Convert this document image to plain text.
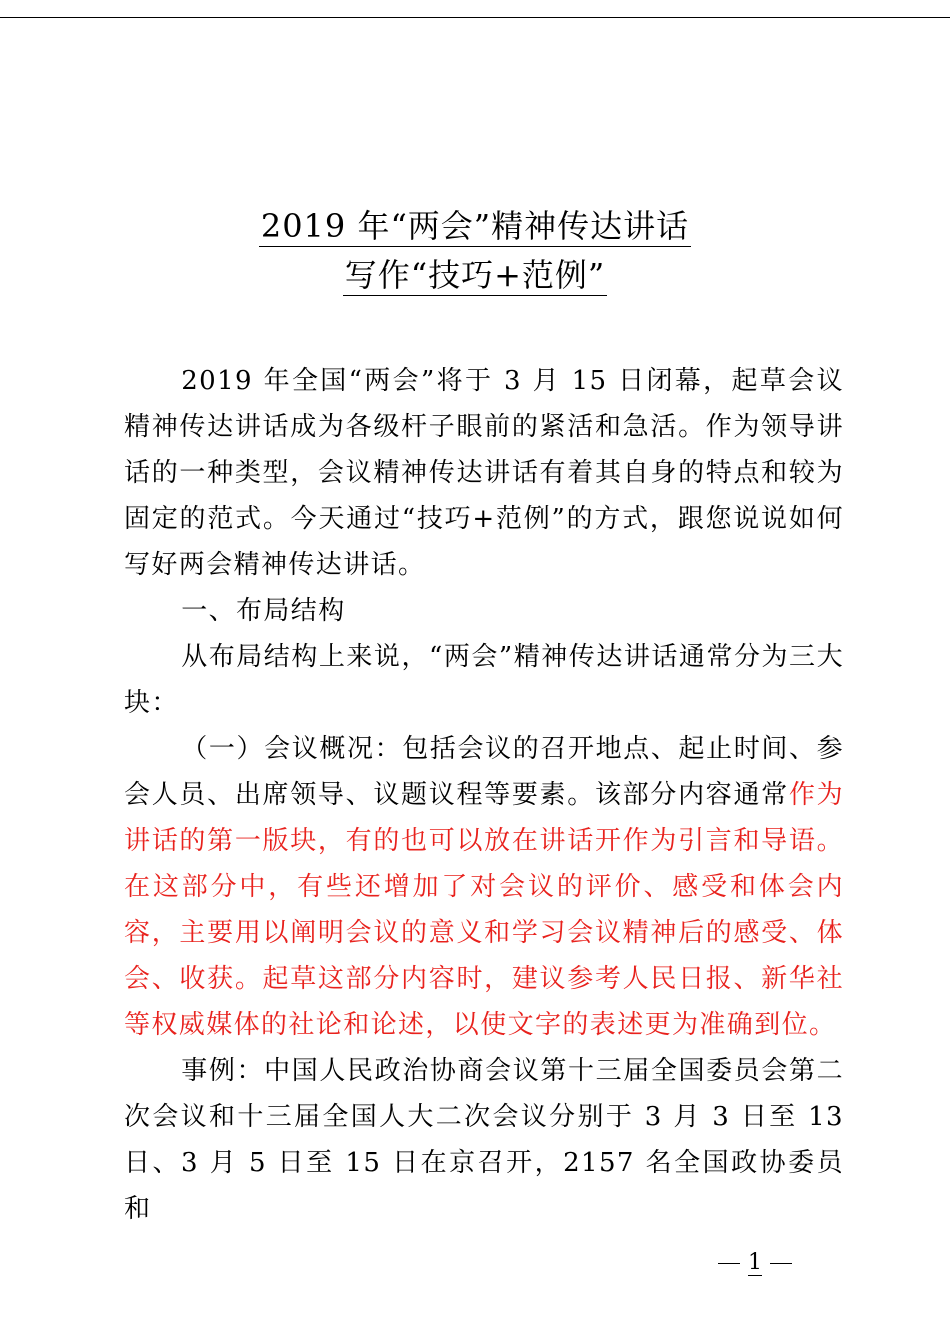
2019 年“两会”精神传达讲话
写作“技巧+范例”

2019 年全国“两会”将于 3 月 15 日闭幕，起草会议精神传达讲话成为各级杆子眼前的紧活和急活。作为领导讲话的一种类型，会议精神传达讲话有着其自身的特点和较为固定的范式。今天通过“技巧+范例”的方式，跟您说说如何写好两会精神传达讲话。

一、布局结构

从布局结构上来说，“两会”精神传达讲话通常分为三大块：

（一）会议概况：包括会议的召开地点、起止时间、参会人员、出席领导、议题议程等要素。该部分内容通常作为讲话的第一版块，有的也可以放在讲话开作为引言和导语。在这部分中，有些还增加了对会议的评价、感受和体会内容，主要用以阐明会议的意义和学习会议精神后的感受、体会、收获。起草这部分内容时，建议参考人民日报、新华社等权威媒体的社论和论述，以使文字的表述更为准确到位。

事例：中国人民政治协商会议第十三届全国委员会第二次会议和十三届全国人大二次会议分别于 3 月 3 日至 13 日、3 月 5 日至 15 日在京召开，2157 名全国政协委员和

1
